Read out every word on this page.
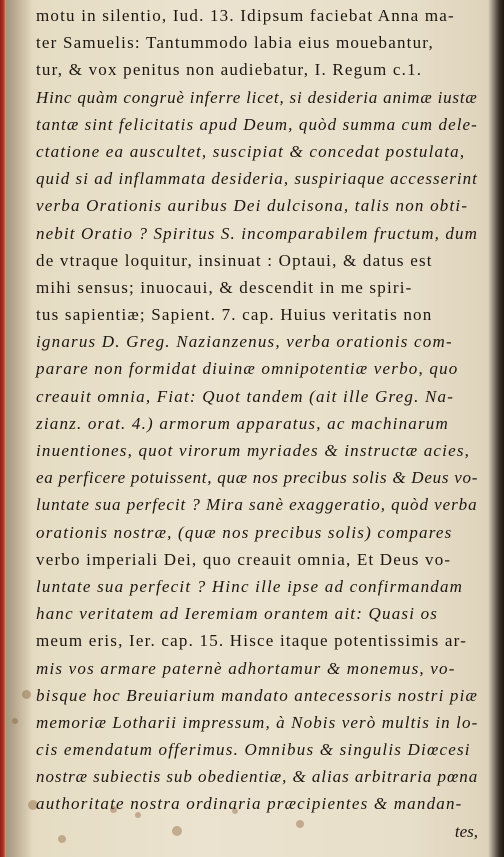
motu in silentio, Iud. 13. Idipsum faciebat Anna ma-
ter Samuelis: Tantummodo labia eius mouebantur,
tur, & vox penitus non audiebatur, I. Regum c.1.
Hinc quàm congruè inferre licet, si desideria animæ iustæ
tantæ sint felicitatis apud Deum, quòd summa cum dele-
ctatione ea auscultet, suscipiat & concedat postulata,
quid si ad inflammata desideria, suspiriaque accesserint
verba Orationis auribus Dei dulcisona, talis non obti-
nebit Oratio ? Spiritus S. incomparabilem fructum, dum
de vtraque loquitur, insinuat : Optaui, & datus est
mihi sensus; inuocaui, & descendit in me spiri-
tus sapientiæ; Sapient. 7. cap. Huius veritatis non
ignarus D. Greg. Nazianzenus, verba orationis com-
parare non formidat diuinæ omnipotentiæ verbo, quo
creauit omnia, Fiat: Quot tandem (ait ille Greg. Na-
zianz. orat. 4.) armorum apparatus, ac machinarum
inuentiones, quot virorum myriades & instructæ acies,
ea perficere potuissent, quæ nos precibus solis & Deus vo-
luntate sua perfecit ? Mira sanè exaggeratio, quòd verba
orationis nostræ, (quæ nos precibus solis) compares
verbo imperiali Dei, quo creauit omnia, Et Deus vo-
luntate sua perfecit ? Hinc ille ipse ad confirmandam
hanc veritatem ad Ieremiam orantem ait: Quasi os
meum eris, Ier. cap. 15. Hisce itaque potentissimis ar-
mis vos armare paternè adhortamur & monemus, vo-
bisque hoc Breuiarium mandato antecessoris nostri piæ
memoriæ Lotharii impressum, à Nobis verò multis in lo-
cis emendatum offerimus. Omnibus & singulis Diœcesi
nostræ subiectis sub obedientiæ, & alias arbitraria pœna
authoritate nostra ordinaria præcipientes & mandan-
tes,
